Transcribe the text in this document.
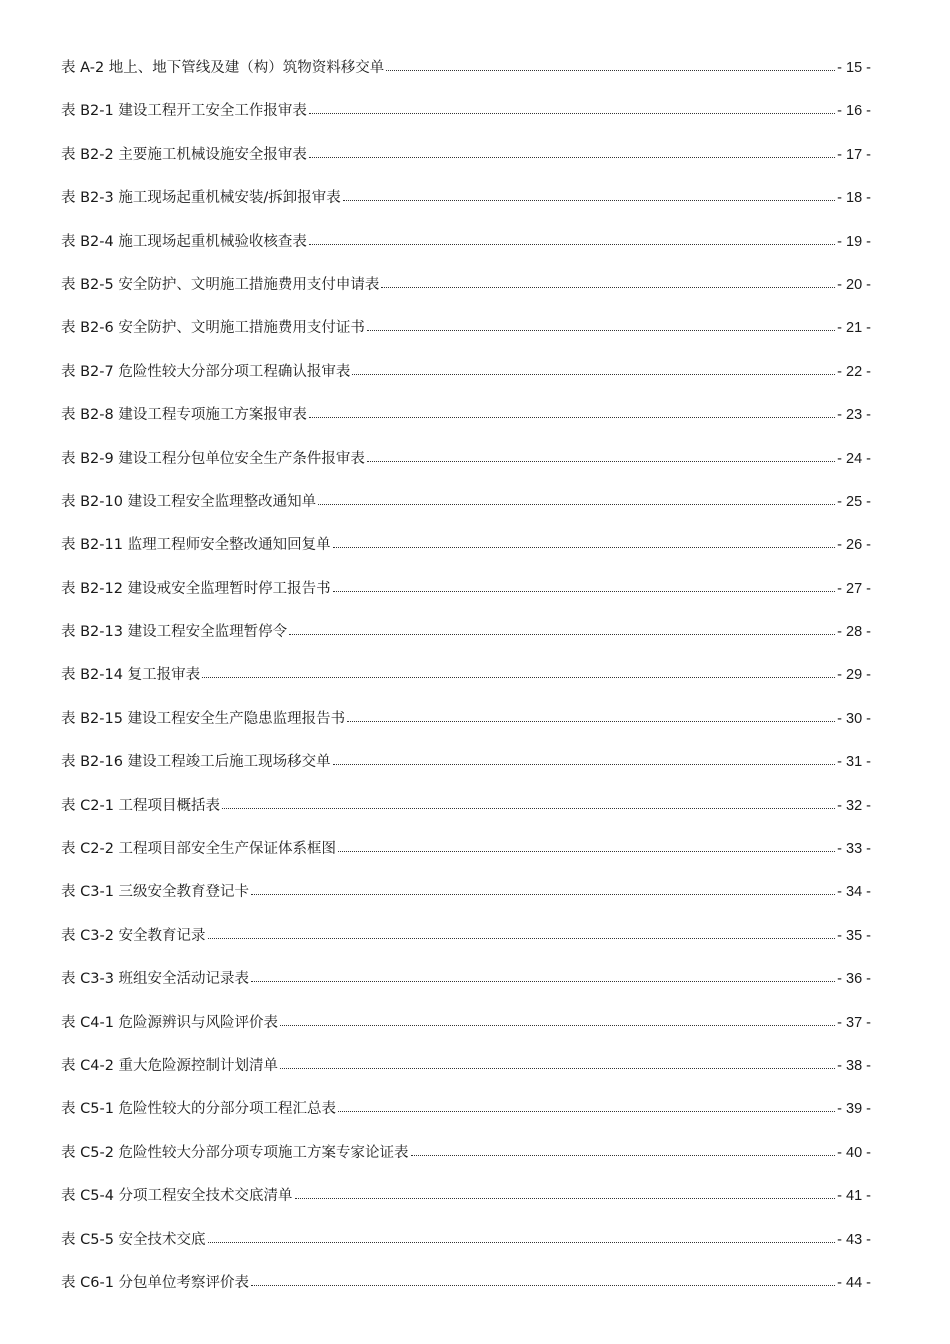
表 A-2 地上、地下管线及建（构）筑物资料移交单	- 15 -
表 B2-1 建设工程开工安全工作报审表	- 16 -
表 B2-2 主要施工机械设施安全报审表	- 17 -
表 B2-3 施工现场起重机械安装/拆卸报审表	- 18 -
表 B2-4 施工现场起重机械验收核查表	- 19 -
表 B2-5 安全防护、文明施工措施费用支付申请表	- 20 -
表 B2-6 安全防护、文明施工措施费用支付证书	- 21 -
表 B2-7 危险性较大分部分项工程确认报审表	- 22 -
表 B2-8 建设工程专项施工方案报审表	- 23 -
表 B2-9 建设工程分包单位安全生产条件报审表	- 24 -
表 B2-10 建设工程安全监理整改通知单	- 25 -
表 B2-11 监理工程师安全整改通知回复单	- 26 -
表 B2-12 建设戒安全监理暂时停工报告书	- 27 -
表 B2-13 建设工程安全监理暂停令	- 28 -
表 B2-14 复工报审表	- 29 -
表 B2-15 建设工程安全生产隐患监理报告书	- 30 -
表 B2-16 建设工程竣工后施工现场移交单	- 31 -
表 C2-1 工程项目概括表	- 32 -
表 C2-2 工程项目部安全生产保证体系框图	- 33 -
表 C3-1 三级安全教育登记卡	- 34 -
表 C3-2 安全教育记录	- 35 -
表 C3-3 班组安全活动记录表	- 36 -
表 C4-1 危险源辨识与风险评价表	- 37 -
表 C4-2 重大危险源控制计划清单	- 38 -
表 C5-1 危险性较大的分部分项工程汇总表	- 39 -
表 C5-2 危险性较大分部分项专项施工方案专家论证表	- 40 -
表 C5-4 分项工程安全技术交底清单	- 41 -
表 C5-5 安全技术交底	- 43 -
表 C6-1 分包单位考察评价表	- 44 -
